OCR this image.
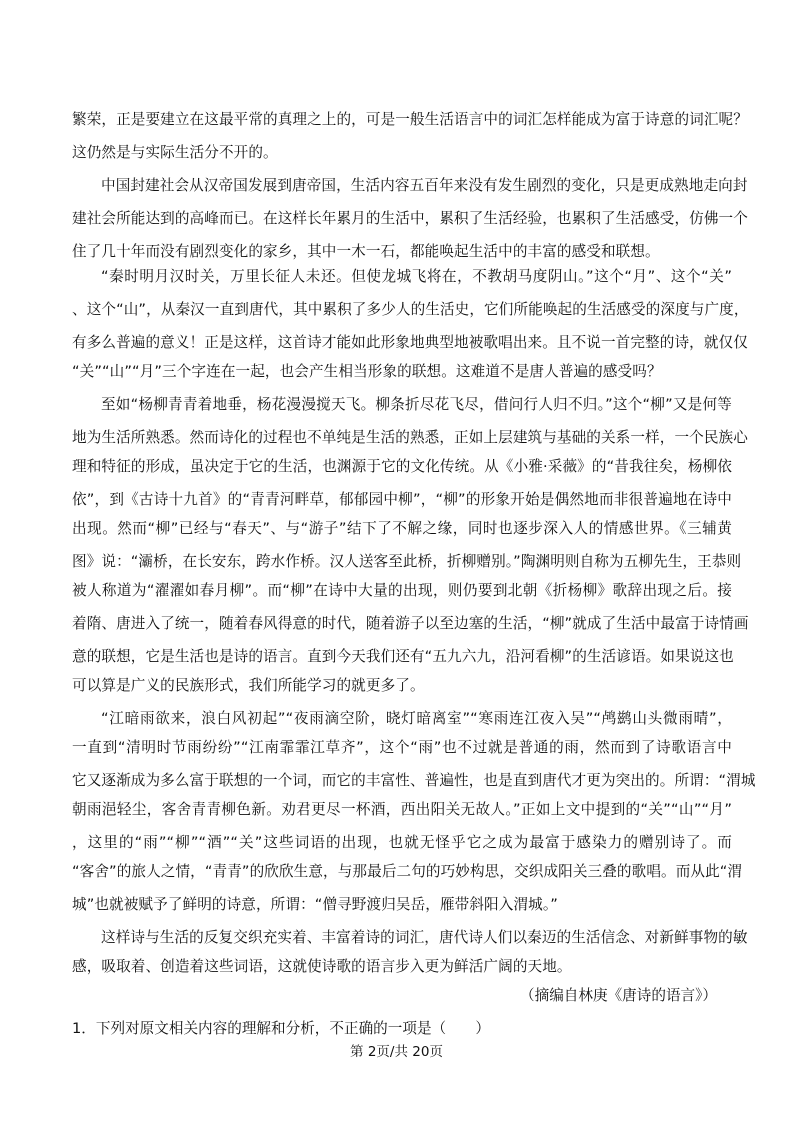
繁荣，正是要建立在这最平常的真理之上的，可是一般生活语言中的词汇怎样能成为富于诗意的词汇呢？
这仍然是与实际生活分不开的。
中国封建社会从汉帝国发展到唐帝国，生活内容五百年来没有发生剧烈的变化，只是更成熟地走向封
建社会所能达到的高峰而已。在这样长年累月的生活中，累积了生活经验，也累积了生活感受，仿佛一个
住了几十年而没有剧烈变化的家乡，其中一木一石，都能唤起生活中的丰富的感受和联想。
“秦时明月汉时关，万里长征人未还。但使龙城飞将在，不教胡马度阴山。”这个“月”、这个“关”
、这个“山”，从秦汉一直到唐代，其中累积了多少人的生活史，它们所能唤起的生活感受的深度与广度，
有多么普遍的意义！正是这样，这首诗才能如此形象地典型地被歌唱出来。且不说一首完整的诗，就仅仅
“关”“山”“月”三个字连在一起，也会产生相当形象的联想。这难道不是唐人普遍的感受吗？
至如“杨柳青青着地垂，杨花漫漫搅天飞。柳条折尽花飞尽，借问行人归不归。”这个“柳”又是何等
地为生活所熟悉。然而诗化的过程也不单纯是生活的熟悉，正如上层建筑与基础的关系一样，一个民族心
理和特征的形成，虽决定于它的生活，也渊源于它的文化传统。从《小雅·采薇》的“昔我往矣，杨柳依
依”，到《古诗十九首》的“青青河畔草，郁郁园中柳”，“柳”的形象开始是偶然地而非很普遍地在诗中
出现。然而“柳”已经与“春天”、与“游子”结下了不解之缘，同时也逐步深入人的情感世界。《三辅黄
图》说：“灞桥，在长安东，跨水作桥。汉人送客至此桥，折柳赠别。”陶渊明则自称为五柳先生，王恭则
被人称道为“濯濯如春月柳”。而“柳”在诗中大量的出现，则仍要到北朝《折杨柳》歌辞出现之后。接
着隋、唐进入了统一，随着春风得意的时代，随着游子以至边塞的生活，“柳”就成了生活中最富于诗情画
意的联想，它是生活也是诗的语言。直到今天我们还有“五九六九，沿河看柳”的生活谚语。如果说这也
可以算是广义的民族形式，我们所能学习的就更多了。
“江暗雨欲来，浪白风初起”“夜雨滴空阶，晓灯暗离室”“寒雨连江夜入吴”“鸬鹚山头微雨晴”，
一直到“清明时节雨纷纷”“江南霏霏江草齐”，这个“雨”也不过就是普通的雨，然而到了诗歌语言中
它又逐渐成为多么富于联想的一个词，而它的丰富性、普遍性，也是直到唐代才更为突出的。所谓：“渭城
朝雨浥轻尘，客舍青青柳色新。劝君更尽一杯酒，西出阳关无故人。”正如上文中提到的“关”“山”“月”
，这里的“雨”“柳”“酒”“关”这些词语的出现，也就无怪乎它之成为最富于感染力的赠别诗了。而
“客舍”的旅人之情，“青青”的欣欣生意，与那最后二句的巧妙构思，交织成阳关三叠的歌唱。而从此“渭
城”也就被赋予了鲜明的诗意，所谓：“僧寻野渡归吴岳，雁带斜阳入渭城。”
这样诗与生活的反复交织充实着、丰富着诗的词汇，唐代诗人们以秦迈的生活信念、对新鲜事物的敏
感，吸取着、创造着这些词语，这就使诗歌的语言步入更为鲜活广阔的天地。
（摘编自林庚《唐诗的语言》）
1．下列对原文相关内容的理解和分析，不正确的一项是（　　）
第 2页/共 20页
